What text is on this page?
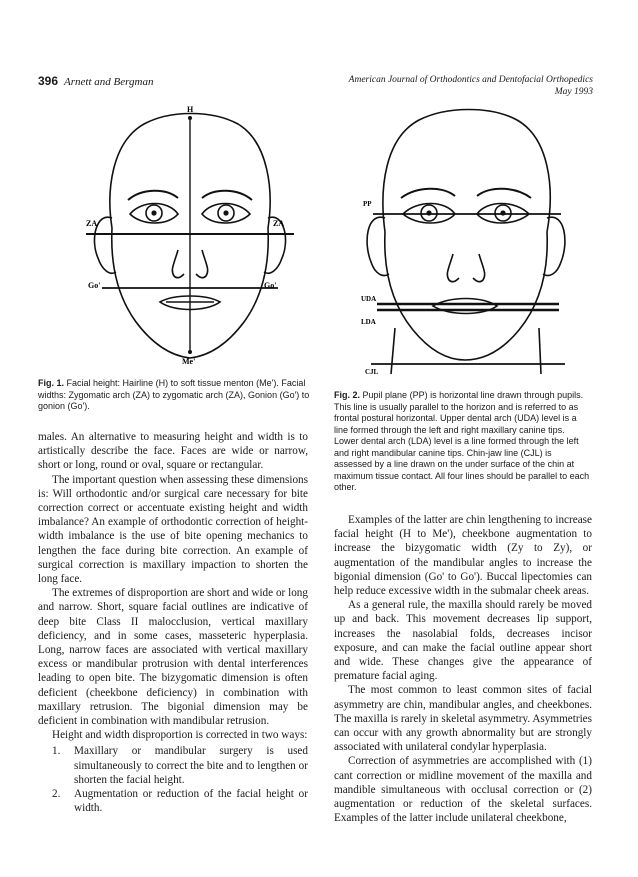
396 Arnett and Bergman	American Journal of Orthodontics and Dentofacial Orthopedics
May 1993
H
ZA	ZA
Go'	Go'
Me'
Fig. 1. Facial height: Hairline (H) to soft tissue menton (Me'). Facial widths: Zygomatic arch (ZA) to zygomatic arch (ZA), Gonion (Go') to gonion (Go').
PP
UDA
LDA
CJL
Fig. 2. Pupil plane (PP) is horizontal line drawn through pupils. This line is usually parallel to the horizon and is referred to as frontal postural horizontal. Upper dental arch (UDA) level is a line formed through the left and right maxillary canine tips. Lower dental arch (LDA) level is a line formed through the left and right mandibular canine tips. Chin-jaw line (CJL) is assessed by a line drawn on the under surface of the chin at maximum tissue contact. All four lines should be parallel to each other.

males. An alternative to measuring height and width is to artistically describe the face. Faces are wide or narrow, short or long, round or oval, square or rectangular.

The important question when assessing these dimensions is: Will orthodontic and/or surgical care necessary for bite correction correct or accentuate existing height and width imbalance? An example of orthodontic correction of height-width imbalance is the use of bite opening mechanics to lengthen the face during bite correction. An example of surgical correction is maxillary impaction to shorten the long face.

The extremes of disproportion are short and wide or long and narrow. Short, square facial outlines are indicative of deep bite Class II malocclusion, vertical maxillary deficiency, and in some cases, masseteric hyperplasia. Long, narrow faces are associated with vertical maxillary excess or mandibular protrusion with dental interferences leading to open bite. The bizygomatic dimension is often deficient (cheekbone deficiency) in combination with maxillary retrusion. The bigonial dimension may be deficient in combination with mandibular retrusion.

Height and width disproportion is corrected in two ways:

1. Maxillary or mandibular surgery is used simultaneously to correct the bite and to lengthen or shorten the facial height.
2. Augmentation or reduction of the facial height or width.

Examples of the latter are chin lengthening to increase facial height (H to Me'), cheekbone augmentation to increase the bizygomatic width (Zy to Zy), or augmentation of the mandibular angles to increase the bigonial dimension (Go' to Go'). Buccal lipectomies can help reduce excessive width in the submalar cheek areas.

As a general rule, the maxilla should rarely be moved up and back. This movement decreases lip support, increases the nasolabial folds, decreases incisor exposure, and can make the facial outline appear short and wide. These changes give the appearance of premature facial aging.

The most common to least common sites of facial asymmetry are chin, mandibular angles, and cheekbones. The maxilla is rarely in skeletal asymmetry. Asymmetries can occur with any growth abnormality but are strongly associated with unilateral condylar hyperplasia.

Correction of asymmetries are accomplished with (1) cant correction or midline movement of the maxilla and mandible simultaneous with occlusal correction or (2) augmentation or reduction of the skeletal surfaces. Examples of the latter include unilateral cheekbone,
